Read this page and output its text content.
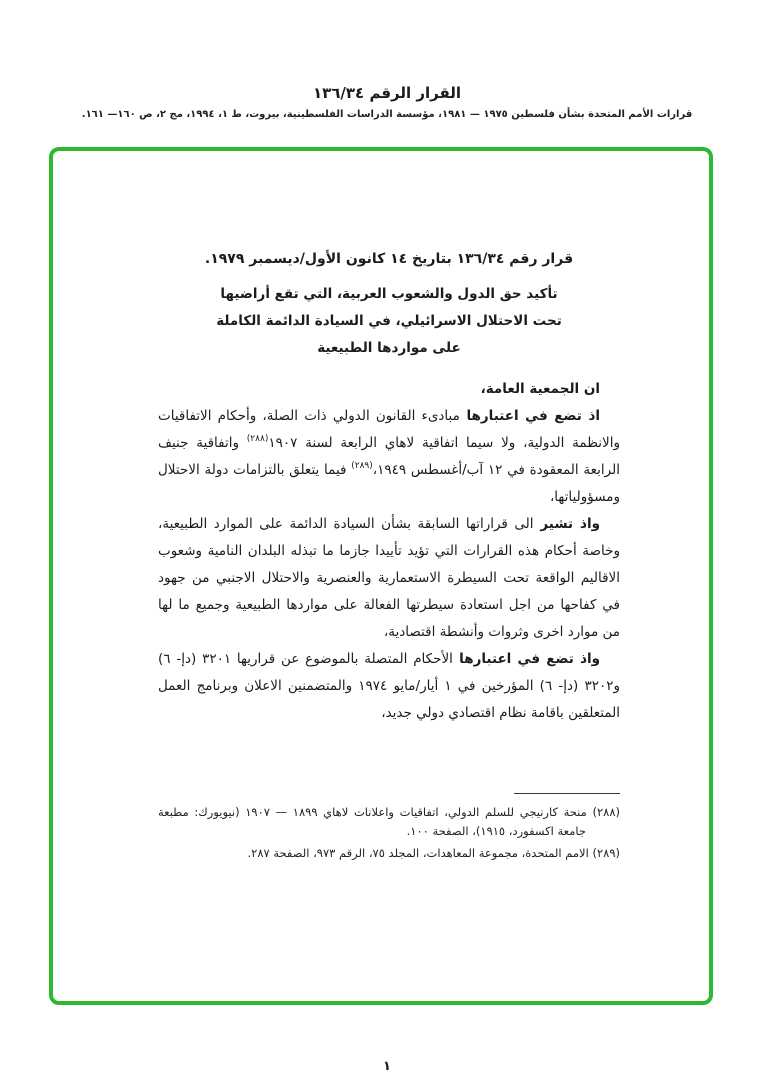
القرار الرقم ١٣٦/٣٤
قرارات الأمم المتحدة بشأن فلسطين ١٩٧٥ — ١٩٨١، مؤسسة الدراسات الفلسطينية، بيروت، ط ١، ١٩٩٤، مج ٢، ص ١٦٠— ١٦١.

قرار رقم ١٣٦/٣٤ بتاريخ ١٤ كانون الأول/ديسمبر ١٩٧٩.

تأكيد حق الدول والشعوب العربية، التي تقع أراضيها
تحت الاحتلال الاسرائيلي، في السيادة الدائمة الكاملة
على مواردها الطبيعية

ان الجمعية العامة،

اذ تضع في اعتبارها مبادىء القانون الدولي ذات الصلة، وأحكام الاتفاقيات والانظمة الدولية، ولا سيما اتفاقية لاهاي الرابعة لسنة ١٩٠٧$^{(٢٨٨)}$ واتفاقية جنيف الرابعة المعقودة في ١٢ آب/أغسطس ١٩٤٩،$^{(٢٨٩)}$ فيما يتعلق بالتزامات دولة الاحتلال ومسؤولياتها،

واذ تشير الى قراراتها السابقة بشأن السيادة الدائمة على الموارد الطبيعية، وخاصة أحكام هذه القرارات التي تؤيد تأييدا جازما ما تبذله البلدان النامية وشعوب الاقاليم الواقعة تحت السيطرة الاستعمارية والعنصرية والاحتلال الاجنبي من جهود في كفاحها من اجل استعادة سيطرتها الفعالة على مواردها الطبيعية وجميع ما لها من موارد اخرى وثروات وأنشطة اقتصادية،

واذ تضع في اعتبارها الأحكام المتصلة بالموضوع عن قراريها ٣٢٠١ (دإ- ٦) و٣٢٠٢ (دإ- ٦) المؤرخين في ١ أيار/مايو ١٩٧٤ والمتضمنين الاعلان وبرنامج العمل المتعلقين باقامة نظام اقتصادي دولي جديد،

(٢٨٨) منحة كارنيجي للسلم الدولي، اتفاقيات واعلانات لاهاي ١٨٩٩ — ١٩٠٧ (نيويورك: مطبعة جامعة اكسفورد، ١٩١٥)، الصفحة ١٠٠.

(٢٨٩) الامم المتحدة، مجموعة المعاهدات، المجلد ٧٥، الرقم ٩٧٣، الصفحة ٢٨٧.

١
